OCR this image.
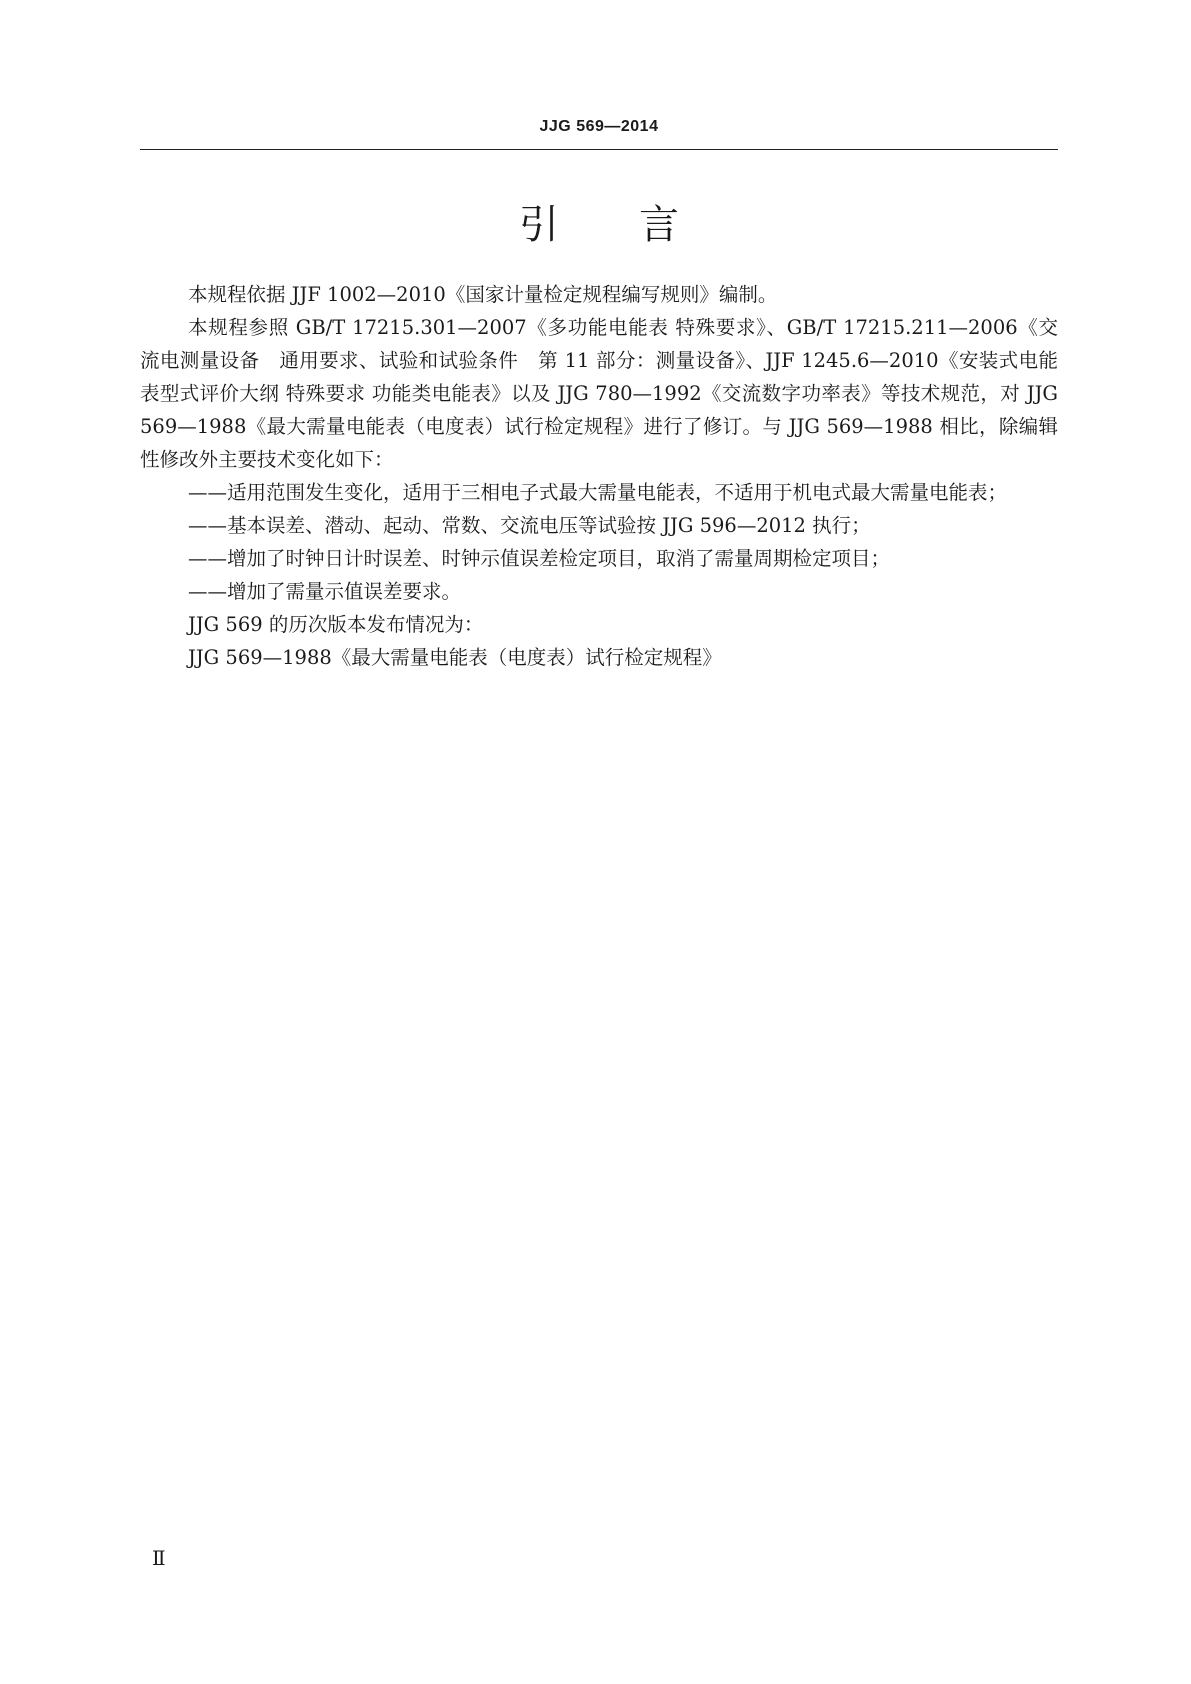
JJG 569—2014
引 言

本规程依据 JJF 1002—2010《国家计量检定规程编写规则》编制。

本规程参照 GB/T 17215.301—2007《多功能电能表 特殊要求》、GB/T 17215.211—2006《交流电测量设备　通用要求、试验和试验条件　第 11 部分：测量设备》、JJF 1245.6—2010《安装式电能表型式评价大纲 特殊要求 功能类电能表》以及 JJG 780—1992《交流数字功率表》等技术规范，对 JJG 569—1988《最大需量电能表（电度表）试行检定规程》进行了修订。与 JJG 569—1988 相比，除编辑性修改外主要技术变化如下：

——适用范围发生变化，适用于三相电子式最大需量电能表，不适用于机电式最大需量电能表；

——基本误差、潜动、起动、常数、交流电压等试验按 JJG 596—2012 执行；

——增加了时钟日计时误差、时钟示值误差检定项目，取消了需量周期检定项目；

——增加了需量示值误差要求。

JJG 569 的历次版本发布情况为：

JJG 569—1988《最大需量电能表（电度表）试行检定规程》

Ⅱ
